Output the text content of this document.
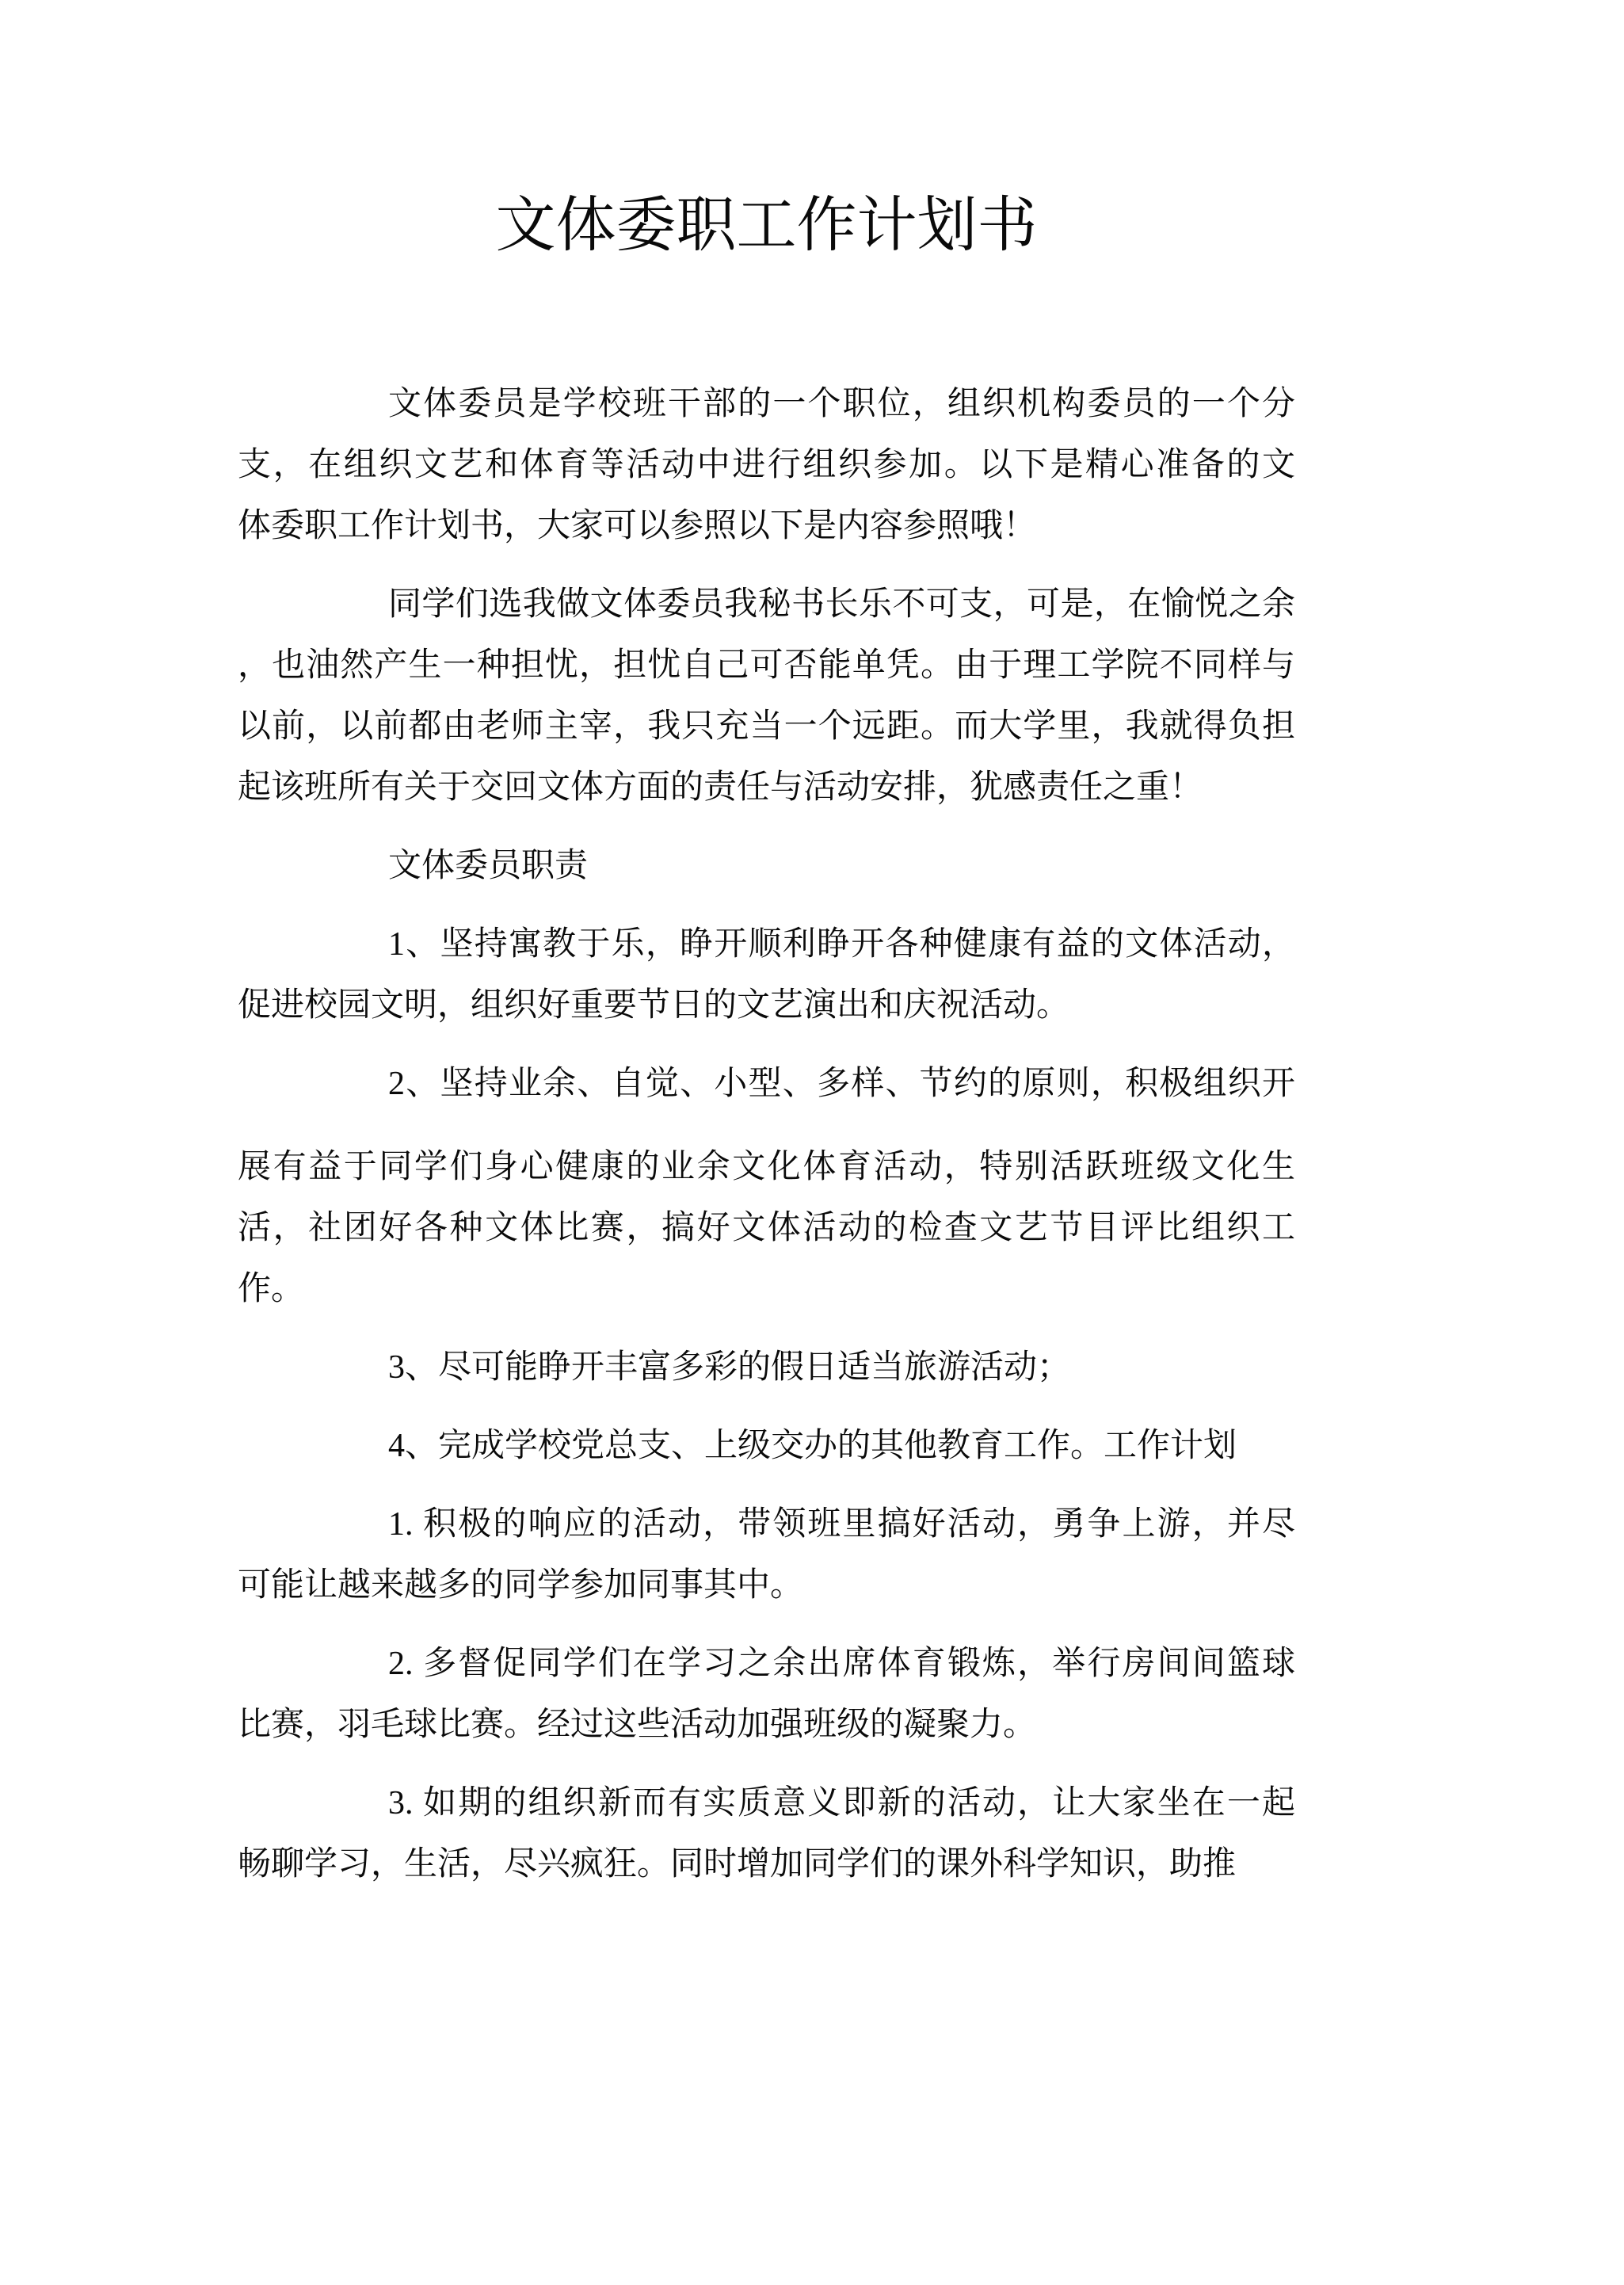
文体委职工作计划书

文体委员是学校班干部的一个职位，组织机构委员的一个分

支，在组织文艺和体育等活动中进行组织参加。以下是精心准备的文

体委职工作计划书，大家可以参照以下是内容参照哦！

同学们选我做文体委员我秘书长乐不可支，可是，在愉悦之余

，也油然产生一种担忧，担忧自己可否能单凭。由于理工学院不同样与

以前，以前都由老师主宰，我只充当一个远距。而大学里，我就得负担

起该班所有关于交回文体方面的责任与活动安排，犹感责任之重！

文体委员职责

1、坚持寓教于乐，睁开顺利睁开各种健康有益的文体活动，

促进校园文明，组织好重要节日的文艺演出和庆祝活动。

2、坚持业余、自觉、小型、多样、节约的原则，积极组织开

展有益于同学们身心健康的业余文化体育活动，特别活跃班级文化生

活，社团好各种文体比赛，搞好文体活动的检查文艺节目评比组织工

作。

3、尽可能睁开丰富多彩的假日适当旅游活动；

4、完成学校党总支、上级交办的其他教育工作。工作计划

1. 积极的响应的活动，带领班里搞好活动，勇争上游，并尽

可能让越来越多的同学参加同事其中。

2. 多督促同学们在学习之余出席体育锻炼，举行房间间篮球

比赛，羽毛球比赛。经过这些活动加强班级的凝聚力。

3. 如期的组织新而有实质意义即新的活动，让大家坐在一起

畅聊学习，生活，尽兴疯狂。同时增加同学们的课外科学知识，助推
